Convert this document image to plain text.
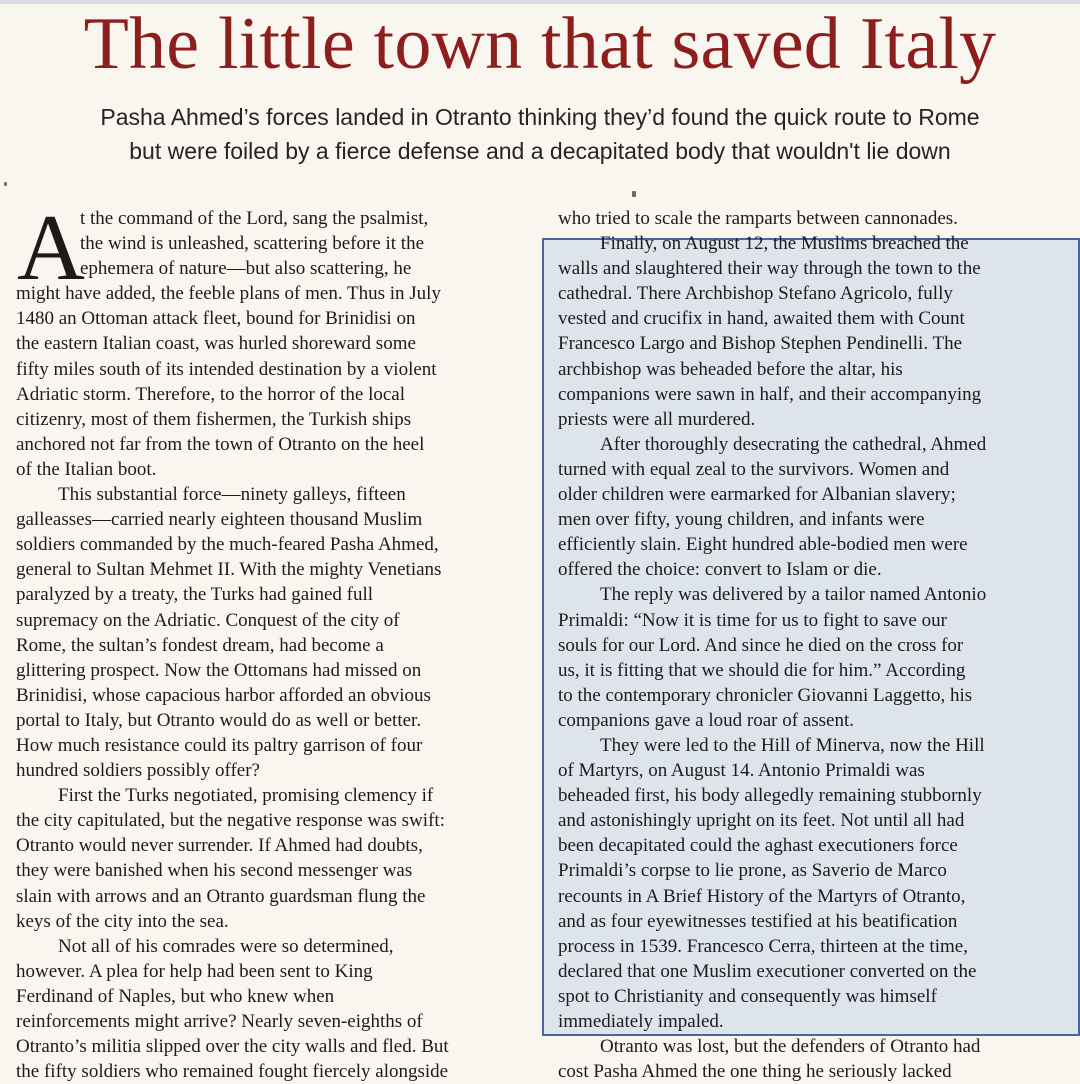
The little town that saved Italy
Pasha Ahmed’s forces landed in Otranto thinking they’d found the quick route to Rome
but were foiled by a fierce defense and a decapitated body that wouldn't lie down
A
t the command of the Lord, sang the psalmist,
the wind is unleashed, scattering before it the
ephemera of nature—but also scattering, he
might have added, the feeble plans of men. Thus in July
1480 an Ottoman attack fleet, bound for Brinidisi on
the eastern Italian coast, was hurled shoreward some
fifty miles south of its intended destination by a violent
Adriatic storm. Therefore, to the horror of the local
citizenry, most of them fishermen, the Turkish ships
anchored not far from the town of Otranto on the heel
of the Italian boot.
This substantial force—ninety galleys, fifteen
galleasses—carried nearly eighteen thousand Muslim
soldiers commanded by the much-feared Pasha Ahmed,
general to Sultan Mehmet II. With the mighty Venetians
paralyzed by a treaty, the Turks had gained full
supremacy on the Adriatic. Conquest of the city of
Rome, the sultan’s fondest dream, had become a
glittering prospect. Now the Ottomans had missed on
Brinidisi, whose capacious harbor afforded an obvious
portal to Italy, but Otranto would do as well or better.
How much resistance could its paltry garrison of four
hundred soldiers possibly offer?
First the Turks negotiated, promising clemency if
the city capitulated, but the negative response was swift:
Otranto would never surrender. If Ahmed had doubts,
they were banished when his second messenger was
slain with arrows and an Otranto guardsman flung the
keys of the city into the sea.
Not all of his comrades were so determined,
however. A plea for help had been sent to King
Ferdinand of Naples, but who knew when
reinforcements might arrive? Nearly seven-eighths of
Otranto’s militia slipped over the city walls and fled. But
the fifty soldiers who remained fought fiercely alongside
who tried to scale the ramparts between cannonades.
Finally, on August 12, the Muslims breached the
walls and slaughtered their way through the town to the
cathedral. There Archbishop Stefano Agricolo, fully
vested and crucifix in hand, awaited them with Count
Francesco Largo and Bishop Stephen Pendinelli. The
archbishop was beheaded before the altar, his
companions were sawn in half, and their accompanying
priests were all murdered.
After thoroughly desecrating the cathedral, Ahmed
turned with equal zeal to the survivors. Women and
older children were earmarked for Albanian slavery;
men over fifty, young children, and infants were
efficiently slain. Eight hundred able-bodied men were
offered the choice: convert to Islam or die.
The reply was delivered by a tailor named Antonio
Primaldi: “Now it is time for us to fight to save our
souls for our Lord. And since he died on the cross for
us, it is fitting that we should die for him.” According
to the contemporary chronicler Giovanni Laggetto, his
companions gave a loud roar of assent.
They were led to the Hill of Minerva, now the Hill
of Martyrs, on August 14. Antonio Primaldi was
beheaded first, his body allegedly remaining stubbornly
and astonishingly upright on its feet. Not until all had
been decapitated could the aghast executioners force
Primaldi’s corpse to lie prone, as Saverio de Marco
recounts in A Brief History of the Martyrs of Otranto,
and as four eyewitnesses testified at his beatification
process in 1539. Francesco Cerra, thirteen at the time,
declared that one Muslim executioner converted on the
spot to Christianity and consequently was himself
immediately impaled.
Otranto was lost, but the defenders of Otranto had
cost Pasha Ahmed the one thing he seriously lacked
